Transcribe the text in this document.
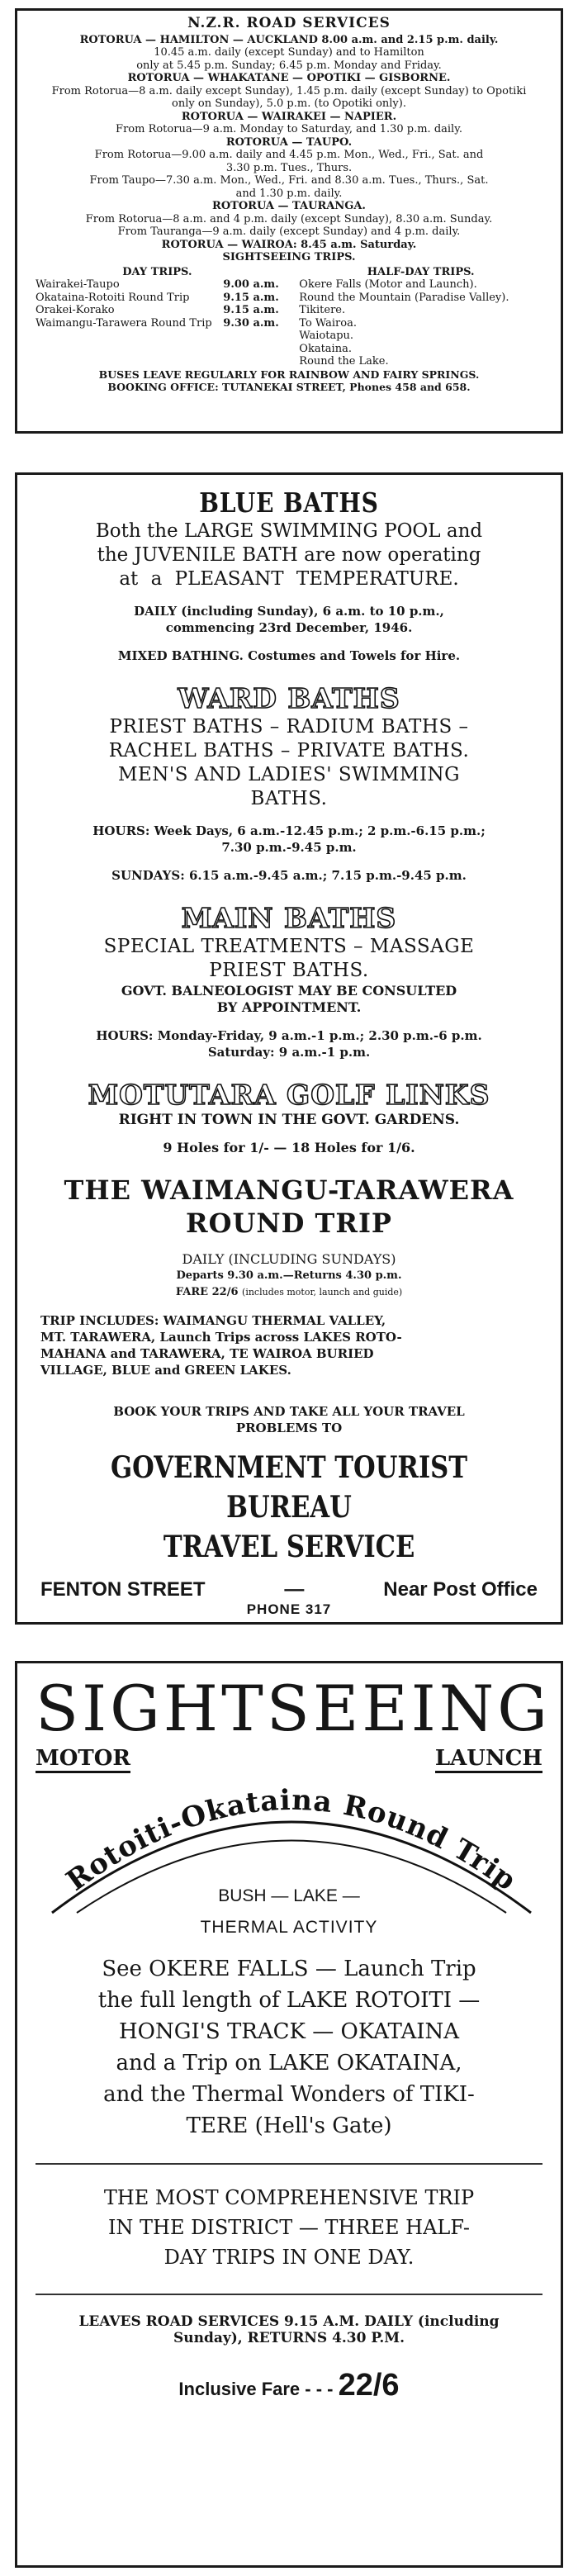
N.Z.R. ROAD SERVICES

ROTORUA — HAMILTON — AUCKLAND 8.00 a.m. and 2.15 p.m. daily.

10.45 a.m. daily (except Sunday) and to Hamilton

only at 5.45 p.m. Sunday; 6.45 p.m. Monday and Friday.

ROTORUA — WHAKATANE — OPOTIKI — GISBORNE.

From Rotorua—8 a.m. daily except Sunday), 1.45 p.m. daily (except Sunday) to Opotiki

only on Sunday), 5.0 p.m. (to Opotiki only).

ROTORUA — WAIRAKEI — NAPIER.

From Rotorua—9 a.m. Monday to Saturday, and 1.30 p.m. daily.

ROTORUA — TAUPO.

From Rotorua—9.00 a.m. daily and 4.45 p.m. Mon., Wed., Fri., Sat. and

3.30 p.m. Tues., Thurs.

From Taupo—7.30 a.m. Mon., Wed., Fri. and 8.30 a.m. Tues., Thurs., Sat.

and 1.30 p.m. daily.

ROTORUA — TAURANGA.

From Rotorua—8 a.m. and 4 p.m. daily (except Sunday), 8.30 a.m. Sunday.

From Tauranga—9 a.m. daily (except Sunday) and 4 p.m. daily.

ROTORUA — WAIROA: 8.45 a.m. Saturday.

SIGHTSEEING TRIPS.
DAY TRIPS.
Wairakei-Taupo	9.00 a.m.
Okataina-Rotoiti Round Trip	9.15 a.m.
Orakei-Korako	9.15 a.m.
Waimangu-Tarawera Round Trip 9.30 a.m.
HALF-DAY TRIPS.

Okere Falls (Motor and Launch).

Round the Mountain (Paradise Valley).

Tikitere.

To Wairoa.

Waiotapu.

Okataina.

Round the Lake.

BUSES LEAVE REGULARLY FOR RAINBOW AND FAIRY SPRINGS.
BOOKING OFFICE: TUTANEKAI STREET, Phones 458 and 658.
BLUE BATHS
Both the LARGE SWIMMING POOL and
the JUVENILE BATH are now operating
at a PLEASANT TEMPERATURE.
DAILY (including Sunday), 6 a.m. to 10 p.m.,
commencing 23rd December, 1946.
MIXED BATHING. Costumes and Towels for Hire.
WARD BATHS
PRIEST BATHS – RADIUM BATHS –
RACHEL BATHS – PRIVATE BATHS.
MEN'S AND LADIES' SWIMMING
BATHS.
HOURS: Week Days, 6 a.m.-12.45 p.m.; 2 p.m.-6.15 p.m.;
7.30 p.m.-9.45 p.m.
SUNDAYS: 6.15 a.m.-9.45 a.m.; 7.15 p.m.-9.45 p.m.
MAIN BATHS
SPECIAL TREATMENTS – MASSAGE
PRIEST BATHS.
GOVT. BALNEOLOGIST MAY BE CONSULTED
BY APPOINTMENT.
HOURS: Monday-Friday, 9 a.m.-1 p.m.; 2.30 p.m.-6 p.m.
Saturday: 9 a.m.-1 p.m.
MOTUTARA GOLF LINKS
RIGHT IN TOWN IN THE GOVT. GARDENS.
9 Holes for 1/- — 18 Holes for 1/6.
THE WAIMANGU-TARAWERA
ROUND TRIP
DAILY (INCLUDING SUNDAYS)
Departs 9.30 a.m.—Returns 4.30 p.m.
FARE 22/6 (includes motor, launch and guide)

TRIP INCLUDES: WAIMANGU THERMAL VALLEY,

MT. TARAWERA, Launch Trips across LAKES ROTO-

MAHANA and TARAWERA, TE WAIROA BURIED

VILLAGE, BLUE and GREEN LAKES.

BOOK YOUR TRIPS AND TAKE ALL YOUR TRAVEL
PROBLEMS TO
GOVERNMENT TOURIST BUREAU
TRAVEL SERVICE
FENTON STREET	—	Near Post Office
PHONE 317
SIGHTSEEING
MOTOR	LAUNCH
Rotoiti-Okataina Round Trip
BUSH — LAKE —
THERMAL ACTIVITY
See OKERE FALLS — Launch Trip
the full length of LAKE ROTOITI —
HONGI'S TRACK — OKATAINA
and a Trip on LAKE OKATAINA,
and the Thermal Wonders of TIKI-
TERE (Hell's Gate)
THE MOST COMPREHENSIVE TRIP
IN THE DISTRICT — THREE HALF-
DAY TRIPS IN ONE DAY.
LEAVES ROAD SERVICES 9.15 A.M. DAILY (including
Sunday), RETURNS 4.30 P.M.
Inclusive Fare - - - 22/6
